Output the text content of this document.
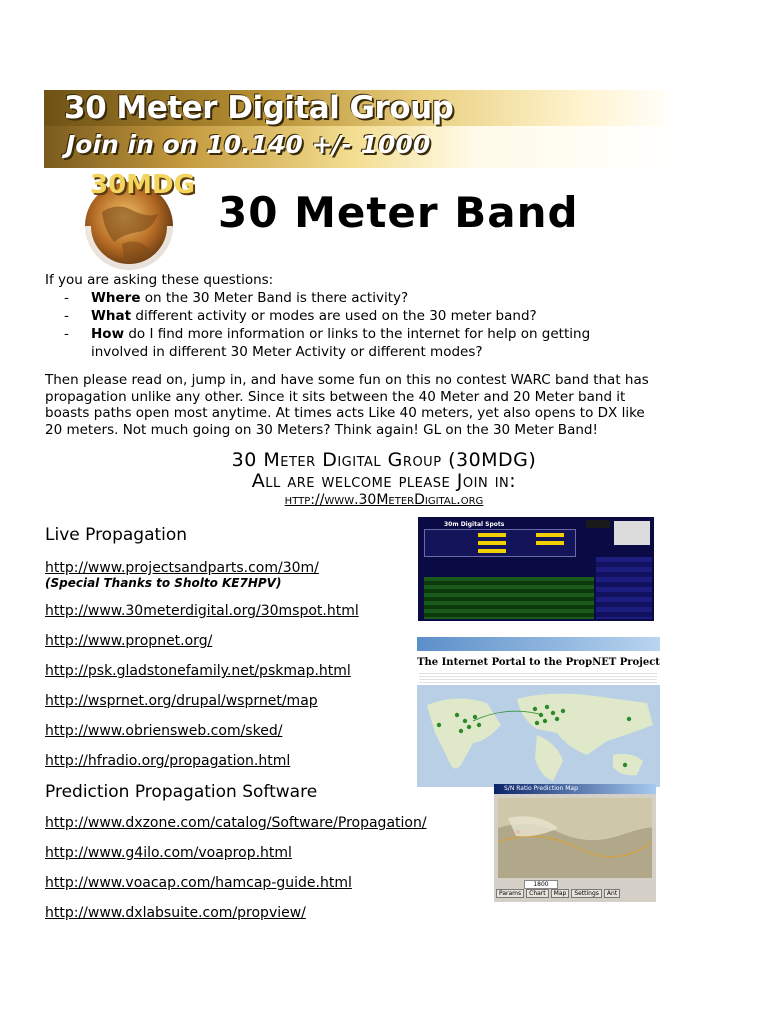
30 Meter Digital Group
Join in on 10.140 +/- 1000
30MDG
30 Meter Band
If you are asking these questions:
- Where on the 30 Meter Band is there activity?
- What different activity or modes are used on the 30 meter band?
- How do I find more information or links to the internet for help on getting
involved in different 30 Meter Activity or different modes?
Then please read on, jump in, and have some fun on this no contest WARC band that has
propagation unlike any other. Since it sits between the 40 Meter and 20 Meter band it
boasts paths open most anytime. At times acts Like 40 meters, yet also opens to DX like
20 meters. Not much going on 30 Meters? Think again! GL on the 30 Meter Band!
30 Meter Digital Group (30MDG)
All are welcome please Join in:
http://www.30MeterDigital.org
Live Propagation
http://www.projectsandparts.com/30m/
(Special Thanks to Sholto KE7HPV)
http://www.30meterdigital.org/30mspot.html
http://www.propnet.org/
http://psk.gladstonefamily.net/pskmap.html
http://wsprnet.org/drupal/wsprnet/map
http://www.obriensweb.com/sked/
http://hfradio.org/propagation.html
Prediction Propagation Software
http://www.dxzone.com/catalog/Software/Propagation/
http://www.g4ilo.com/voaprop.html
http://www.voacap.com/hamcap-guide.html
http://www.dxlabsuite.com/propview/
30m Digital Spots
The Internet Portal to the PropNET Project
S/N Ratio Prediction Map
1800
Params	Chart	Map	Settings	Ant
